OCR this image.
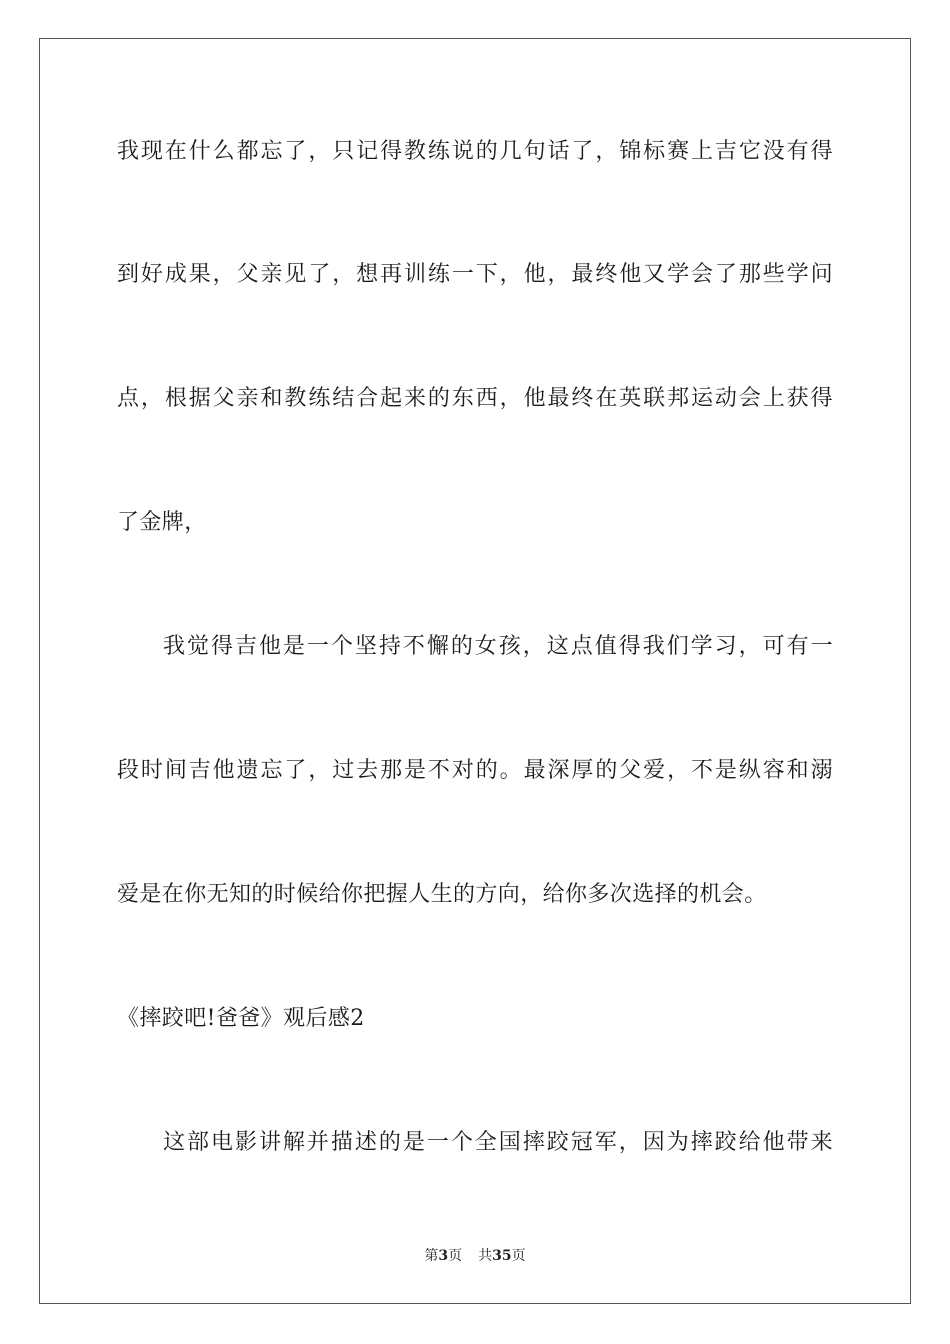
我现在什么都忘了，只记得教练说的几句话了，锦标赛上吉它没有得
到好成果，父亲见了，想再训练一下，他，最终他又学会了那些学问
点，根据父亲和教练结合起来的东西，他最终在英联邦运动会上获得
了金牌，
我觉得吉他是一个坚持不懈的女孩，这点值得我们学习，可有一
段时间吉他遗忘了，过去那是不对的。最深厚的父爱，不是纵容和溺
爱是在你无知的时候给你把握人生的方向，给你多次选择的机会。
《摔跤吧!爸爸》观后感2
这部电影讲解并描述的是一个全国摔跤冠军，因为摔跤给他带来
第3页 共35页
